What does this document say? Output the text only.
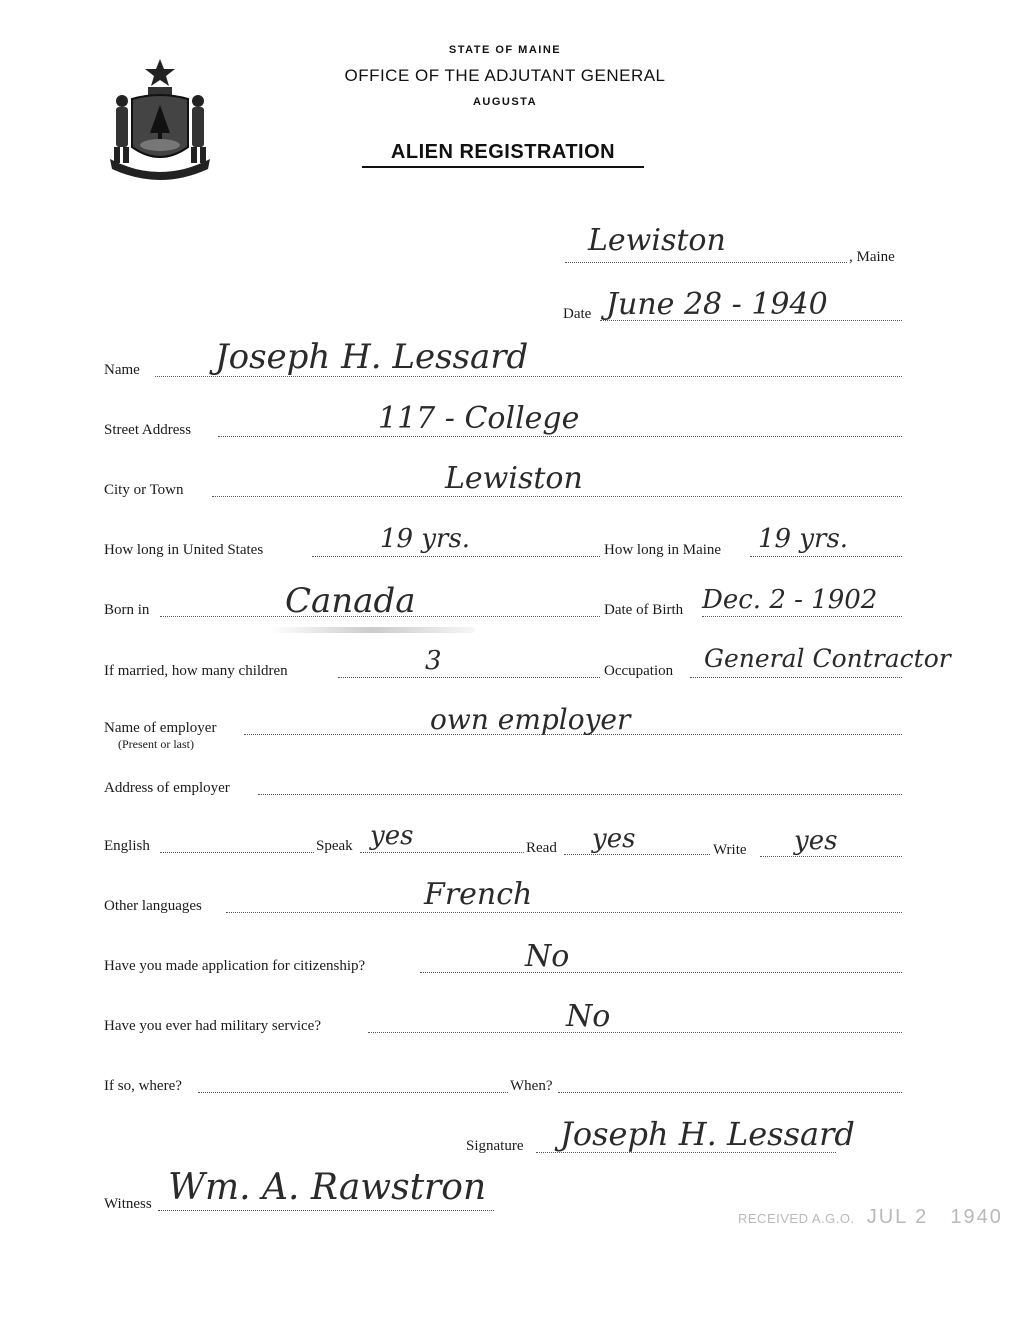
STATE OF MAINE
OFFICE OF THE ADJUTANT GENERAL
AUGUSTA
ALIEN REGISTRATION
Lewiston	, Maine
Date June 28 - 1940
Name Joseph H. Lessard
Street Address	117 - College
City or Town	Lewiston
How long in United States	19 yrs.	How long in Maine 19 yrs.
Born in	Canada	Date of Birth Dec. 2 - 1902
If married, how many children	3	Occupation General Contractor
Name of employer
(Present or last)
own employer
Address of employer
English	Speak yes	Read yes	Write yes
Other languages	French
Have you made application for citizenship?	No
Have you ever had military service?	No
If so, where?	When?
Signature Joseph H. Lessard
Witness Wm. A. Rawstron
RECEIVED A.G.O. JUL 2 1940
